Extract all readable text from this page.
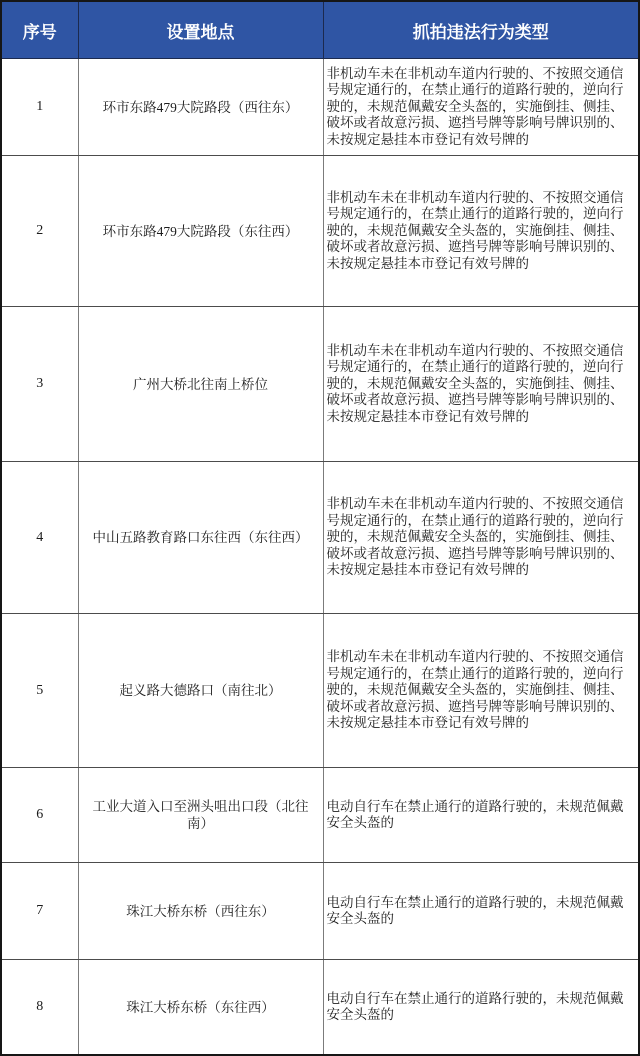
序号	设置地点	抓拍违法行为类型
1	环市东路479大院路段（西往东）	非机动车未在非机动车道内行驶的、不按照交通信号规定通行的，在禁止通行的道路行驶的，逆向行驶的，未规范佩戴安全头盔的，实施倒挂、侧挂、破坏或者故意污损、遮挡号牌等影响号牌识别的、未按规定悬挂本市登记有效号牌的
2	环市东路479大院路段（东往西）	非机动车未在非机动车道内行驶的、不按照交通信号规定通行的，在禁止通行的道路行驶的，逆向行驶的，未规范佩戴安全头盔的，实施倒挂、侧挂、破坏或者故意污损、遮挡号牌等影响号牌识别的、未按规定悬挂本市登记有效号牌的
3	广州大桥北往南上桥位	非机动车未在非机动车道内行驶的、不按照交通信号规定通行的，在禁止通行的道路行驶的，逆向行驶的，未规范佩戴安全头盔的，实施倒挂、侧挂、破坏或者故意污损、遮挡号牌等影响号牌识别的、未按规定悬挂本市登记有效号牌的
4	中山五路教育路口东往西（东往西）	非机动车未在非机动车道内行驶的、不按照交通信号规定通行的，在禁止通行的道路行驶的，逆向行驶的，未规范佩戴安全头盔的，实施倒挂、侧挂、破坏或者故意污损、遮挡号牌等影响号牌识别的、未按规定悬挂本市登记有效号牌的
5	起义路大德路口（南往北）	非机动车未在非机动车道内行驶的、不按照交通信号规定通行的，在禁止通行的道路行驶的，逆向行驶的，未规范佩戴安全头盔的，实施倒挂、侧挂、破坏或者故意污损、遮挡号牌等影响号牌识别的、未按规定悬挂本市登记有效号牌的
6	工业大道入口至洲头咀出口段（北往南）	电动自行车在禁止通行的道路行驶的，未规范佩戴安全头盔的
7	珠江大桥东桥（西往东）	电动自行车在禁止通行的道路行驶的，未规范佩戴安全头盔的
8	珠江大桥东桥（东往西）	电动自行车在禁止通行的道路行驶的，未规范佩戴安全头盔的
